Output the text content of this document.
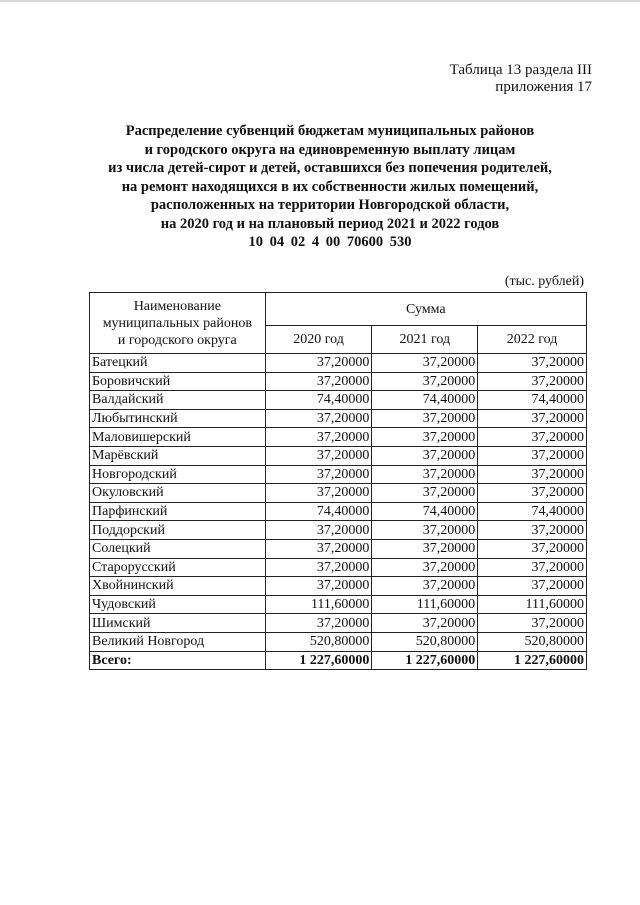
Таблица 13 раздела III
приложения 17
Распределение субвенций бюджетам муниципальных районов
и городского округа на единовременную выплату лицам
из числа детей-сирот и детей, оставшихся без попечения родителей,
на ремонт находящихся в их собственности жилых помещений,
расположенных на территории Новгородской области,
на 2020 год и на плановый период 2021 и 2022 годов
10 04 02 4 00 70600 530
(тыс. рублей)
Наименование
муниципальных районов
и городского округа	Сумма		
	2020 год	2021 год	2022 год
Батецкий	37,20000	37,20000	37,20000
Боровичский	37,20000	37,20000	37,20000
Валдайский	74,40000	74,40000	74,40000
Любытинский	37,20000	37,20000	37,20000
Маловишерский	37,20000	37,20000	37,20000
Марёвский	37,20000	37,20000	37,20000
Новгородский	37,20000	37,20000	37,20000
Окуловский	37,20000	37,20000	37,20000
Парфинский	74,40000	74,40000	74,40000
Поддорский	37,20000	37,20000	37,20000
Солецкий	37,20000	37,20000	37,20000
Старорусский	37,20000	37,20000	37,20000
Хвойнинский	37,20000	37,20000	37,20000
Чудовский	111,60000	111,60000	111,60000
Шимский	37,20000	37,20000	37,20000
Великий Новгород	520,80000	520,80000	520,80000
Всего:	1 227,60000	1 227,60000	1 227,60000
